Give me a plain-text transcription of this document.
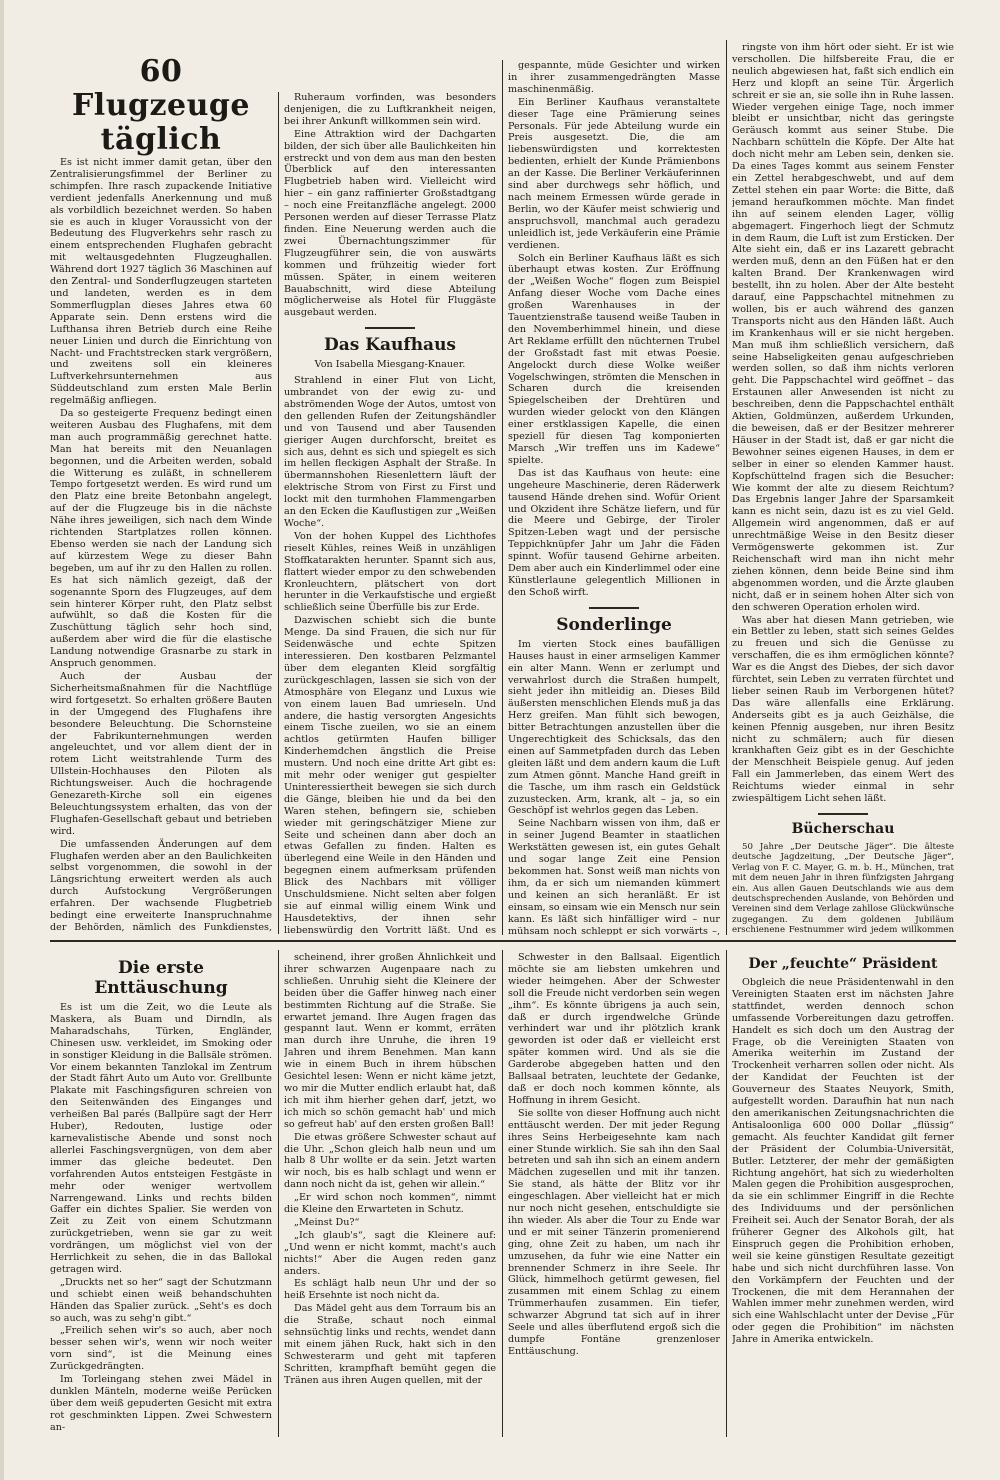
60 Flugzeuge täglich

Es ist nicht immer damit getan, über den Zentralisierungsfimmel der Berliner zu schimpfen. Ihre rasch zupackende Initiative verdient jedenfalls Anerkennung und muß als vorbildlich bezeichnet werden. So haben sie es auch in kluger Voraussicht von der Bedeutung des Flugverkehrs sehr rasch zu einem entsprechenden Flughafen gebracht mit weltausgedehnten Flugzeughallen. Während dort 1927 täglich 36 Maschinen auf den Zentral- und Sonderflugzeugen starteten und landeten, werden es in dem Sommerflugplan dieses Jahres etwa 60 Apparate sein. Denn erstens wird die Lufthansa ihren Betrieb durch eine Reihe neuer Linien und durch die Einrichtung von Nacht- und Frachtstrecken stark vergrößern, und zweitens soll ein kleineres Luftverkehrsunternehmen aus Süddeutschland zum ersten Male Berlin regelmäßig anfliegen.

Da so gesteigerte Frequenz bedingt einen weiteren Ausbau des Flughafens, mit dem man auch programmäßig gerechnet hatte. Man hat bereits mit den Neuanlagen begonnen, und die Arbeiten werden, sobald die Witterung es zuläßt, in schnellerem Tempo fortgesetzt werden. Es wird rund um den Platz eine breite Betonbahn angelegt, auf der die Flugzeuge bis in die nächste Nähe ihres jeweiligen, sich nach dem Winde richtenden Startplatzes rollen können. Ebenso werden sie nach der Landung sich auf kürzestem Wege zu dieser Bahn begeben, um auf ihr zu den Hallen zu rollen. Es hat sich nämlich gezeigt, daß der sogenannte Sporn des Flugzeuges, auf dem sein hinterer Körper ruht, den Platz selbst aufwühlt, so daß die Kosten für die Zuschüttung täglich sehr hoch sind, außerdem aber wird die für die elastische Landung notwendige Grasnarbe zu stark in Anspruch genommen.

Auch der Ausbau der Sicherheitsmaßnahmen für die Nachtflüge wird fortgesetzt. So erhalten größere Bauten in der Umgegend des Flughafens ihre besondere Beleuchtung. Die Schornsteine der Fabrikunternehmungen werden angeleuchtet, und vor allem dient der in rotem Licht weitstrahlende Turm des Ullstein-Hochhauses den Piloten als Richtungsweiser. Auch die hochragende Genezareth-Kirche soll ein eigenes Beleuchtungssystem erhalten, das von der Flughafen-Gesellschaft gebaut und betrieben wird.

Die umfassenden Änderungen auf dem Flughafen werden aber an den Baulichkeiten selbst vorgenommen, die sowohl in der Längsrichtung erweitert werden als auch durch Aufstockung Vergrößerungen erfahren. Der wachsende Flugbetrieb bedingt eine erweiterte Inanspruchnahme der Behörden, nämlich des Funkdienstes,

Ruheraum vorfinden, was besonders denjenigen, die zu Luftkrankheit neigen, bei ihrer Ankunft willkommen sein wird.

Eine Attraktion wird der Dachgarten bilden, der sich über alle Baulichkeiten hin erstreckt und von dem aus man den besten Überblick auf den interessanten Flugbetrieb haben wird. Vielleicht wird hier – ein ganz raffinierter Großstadtgang – noch eine Freitanzfläche angelegt. 2000 Personen werden auf dieser Terrasse Platz finden. Eine Neuerung werden auch die zwei Übernachtungszimmer für Flugzeugführer sein, die von auswärts kommen und frühzeitig wieder fort müssen. Später, in einem weiteren Bauabschnitt, wird diese Abteilung möglicherweise als Hotel für Fluggäste ausgebaut werden.

Das Kaufhaus
Von Isabella Miesgang-Knauer.

Strahlend in einer Flut von Licht, umbrandet von der ewig zu- und abströmenden Woge der Autos, umtost von den gellenden Rufen der Zeitungshändler und von Tausend und aber Tausenden gieriger Augen durchforscht, breitet es sich aus, dehnt es sich und spiegelt es sich im hellen fleckigen Asphalt der Straße. In übermannshohen Riesenlettern läuft der elektrische Strom von First zu First und lockt mit den turmhohen Flammengarben an den Ecken die Kauflustigen zur „Weißen Woche“.

Von der hohen Kuppel des Lichthofes rieselt Kühles, reines Weiß in unzähligen Stoffkatarakten herunter. Spannt sich aus, flattert wieder empor zu den schwebenden Kronleuchtern, plätschert von dort herunter in die Verkaufstische und ergießt schließlich seine Überfülle bis zur Erde.

Dazwischen schiebt sich die bunte Menge. Da sind Frauen, die sich nur für Seidenwäsche und echte Spitzen interessieren. Den kostbaren Pelzmantel über dem eleganten Kleid sorgfältig zurückgeschlagen, lassen sie sich von der Atmosphäre von Eleganz und Luxus wie von einem lauen Bad umrieseln. Und andere, die hastig versorgten Angesichts einem Tische zueilen, wo sie an einem achtlos getürmten Haufen billiger Kinderhemdchen ängstlich die Preise mustern. Und noch eine dritte Art gibt es: mit mehr oder weniger gut gespielter Uninteressiertheit bewegen sie sich durch die Gänge, bleiben hie und da bei den Waren stehen, befingern sie, schieben wieder mit geringschätziger Miene zur Seite und scheinen dann aber doch an etwas Gefallen zu finden. Halten es überlegend eine Weile in den Händen und begegnen einem aufmerksam prüfenden Blick des Nachbars mit völliger Unschuldsmiene. Nicht selten aber folgen sie auf einmal willig einem Wink und Hausdetektivs, der ihnen sehr liebenswürdig den Vortritt läßt. Und es

gespannte, müde Gesichter und wirken in ihrer zusammengedrängten Masse maschinenmäßig.

Ein Berliner Kaufhaus veranstaltete dieser Tage eine Prämierung seines Personals. Für jede Abteilung wurde ein Preis ausgesetzt. Die, die am liebenswürdigsten und korrektesten bedienten, erhielt der Kunde Prämienbons an der Kasse. Die Berliner Verkäuferinnen sind aber durchwegs sehr höflich, und nach meinem Ermessen würde gerade in Berlin, wo der Käufer meist schwierig und anspruchsvoll, manchmal auch geradezu unleidlich ist, jede Verkäuferin eine Prämie verdienen.

Solch ein Berliner Kaufhaus läßt es sich überhaupt etwas kosten. Zur Eröffnung der „Weißen Woche“ flogen zum Beispiel Anfang dieser Woche vom Dache eines großen Warenhauses in der Tauentzienstraße tausend weiße Tauben in den Novemberhimmel hinein, und diese Art Reklame erfüllt den nüchternen Trubel der Großstadt fast mit etwas Poesie. Angelockt durch diese Wolke weißer Vogelschwingen, strömten die Menschen in Scharen durch die kreisenden Spiegelscheiben der Drehtüren und wurden wieder gelockt von den Klängen einer erstklassigen Kapelle, die einen speziell für diesen Tag komponierten Marsch „Wir treffen uns im Kadewe“ spielte.

Das ist das Kaufhaus von heute: eine ungeheure Maschinerie, deren Räderwerk tausend Hände drehen sind. Wofür Orient und Okzident ihre Schätze liefern, und für die Meere und Gebirge, der Tiroler Spitzen-Leben wagt und der persische Teppichknüpfer Jahr um Jahr die Fäden spinnt. Wofür tausend Gehirne arbeiten. Dem aber auch ein Kinderlimmel oder eine Künstlerlaune gelegentlich Millionen in den Schoß wirft.

Sonderlinge

Im vierten Stock eines baufälligen Hauses haust in einer armseligen Kammer ein alter Mann. Wenn er zerlumpt und verwahrlost durch die Straßen humpelt, sieht jeder ihn mitleidig an. Dieses Bild äußersten menschlichen Elends muß ja das Herz greifen. Man fühlt sich bewogen, bitter Betrachtungen anzustellen über die Ungerechtigkeit des Schicksals, das den einen auf Sammetpfaden durch das Leben gleiten läßt und dem andern kaum die Luft zum Atmen gönnt. Manche Hand greift in die Tasche, um ihm rasch ein Geldstück zuzustecken. Arm, krank, alt – ja, so ein Geschöpf ist wehrlos gegen das Leben.

Seine Nachbarn wissen von ihm, daß er in seiner Jugend Beamter in staatlichen Werkstätten gewesen ist, ein gutes Gehalt und sogar lange Zeit eine Pension bekommen hat. Sonst weiß man nichts von ihm, da er sich um niemanden kümmert und keinen an sich heranläßt. Er ist einsam, so einsam wie ein Mensch nur sein kann. Es läßt sich hinfälliger wird – nur mühsam noch schleppt er sich vorwärts –,

ringste von ihm hört oder sieht. Er ist wie verschollen. Die hilfsbereite Frau, die er neulich abgewiesen hat, faßt sich endlich ein Herz und klopft an seine Tür. Ärgerlich schreit er sie an, sie solle ihn in Ruhe lassen. Wieder vergehen einige Tage, noch immer bleibt er unsichtbar, nicht das geringste Geräusch kommt aus seiner Stube. Die Nachbarn schütteln die Köpfe. Der Alte hat doch nicht mehr am Leben sein, denken sie. Da eines Tages kommt aus seinem Fenster ein Zettel herabgeschwebt, und auf dem Zettel stehen ein paar Worte: die Bitte, daß jemand heraufkommen möchte. Man findet ihn auf seinem elenden Lager, völlig abgemagert. Fingerhoch liegt der Schmutz in dem Raum, die Luft ist zum Ersticken. Der Alte sieht ein, daß er ins Lazarett gebracht werden muß, denn an den Füßen hat er den kalten Brand. Der Krankenwagen wird bestellt, ihn zu holen. Aber der Alte besteht darauf, eine Pappschachtel mitnehmen zu wollen, bis er auch während des ganzen Transports nicht aus den Händen läßt. Auch im Krankenhaus will er sie nicht hergeben. Man muß ihm schließlich versichern, daß seine Habseligkeiten genau aufgeschrieben werden sollen, so daß ihm nichts verloren geht. Die Pappschachtel wird geöffnet – das Erstaunen aller Anwesenden ist nicht zu beschreiben, denn die Pappschachtel enthält Aktien, Goldmünzen, außerdem Urkunden, die beweisen, daß er der Besitzer mehrerer Häuser in der Stadt ist, daß er gar nicht die Bewohner seines eigenen Hauses, in dem er selber in einer so elenden Kammer haust. Kopfschüttelnd fragen sich die Besucher: Wie kommt der alte zu diesem Reichtum? Das Ergebnis langer Jahre der Sparsamkeit kann es nicht sein, dazu ist es zu viel Geld. Allgemein wird angenommen, daß er auf unrechtmäßige Weise in den Besitz dieser Vermögenswerte gekommen ist. Zur Reichenschaft wird man ihn nicht mehr ziehen können, denn beide Beine sind ihm abgenommen worden, und die Ärzte glauben nicht, daß er in seinem hohen Alter sich von den schweren Operation erholen wird.

Was aber hat diesen Mann getrieben, wie ein Bettler zu leben, statt sich seines Geldes zu freuen und sich die Genüsse zu verschaffen, die es ihm ermöglichen könnte? War es die Angst des Diebes, der sich davor fürchtet, sein Leben zu verraten fürchtet und lieber seinen Raub im Verborgenen hütet? Das wäre allenfalls eine Erklärung. Anderseits gibt es ja auch Geizhälse, die keinen Pfennig ausgeben, nur ihren Besitz nicht zu schmälern; auch für diesen krankhaften Geiz gibt es in der Geschichte der Menschheit Beispiele genug. Auf jeden Fall ein Jammerleben, das einem Wert des Reichtums wieder einmal in sehr zwiespältigem Licht sehen läßt.

Bücherschau

50 Jahre „Der Deutsche Jäger“. Die älteste deutsche Jagdzeitung, „Der Deutsche Jäger“, Verlag von F. C. Mayer, G. m. b. H., München, trat mit dem neuen Jahr in ihren fünfzigsten Jahrgang ein. Aus allen Gauen Deutschlands wie aus dem deutschsprechenden Auslande, von Behörden und Vereinen sind dem Verlage zahllose Glückwünsche zugegangen. Zu dem goldenen Jubiläum erschienene Festnummer wird jedem willkommen

Die erste Enttäuschung

Es ist um die Zeit, wo die Leute als Maskera, als Buam und Dirndln, als Maharadschahs, Türken, Engländer, Chinesen usw. verkleidet, im Smoking oder in sonstiger Kleidung in die Ballsäle strömen. Vor einem bekannten Tanzlokal im Zentrum der Stadt fährt Auto um Auto vor. Grellbunte Plakate mit Faschingsfiguren schreien von den Seitenwänden des Einganges und verheißen Bal parés (Ballpüre sagt der Herr Huber), Redouten, lustige oder karnevalistische Abende und sonst noch allerlei Faschingsvergnügen, von dem aber immer das gleiche bedeutet. Den vorfahrenden Autos entsteigen Festgäste in mehr oder weniger wertvollem Narrengewand. Links und rechts bilden Gaffer ein dichtes Spalier. Sie werden von Zeit zu Zeit von einem Schutzmann zurückgetrieben, wenn sie gar zu weit vordrängen, um möglichst viel von der Herrlichkeit zu sehen, die in das Ballokal getragen wird.

„Druckts net so her“ sagt der Schutzmann und schiebt einen weiß behandschuhten Händen das Spalier zurück. „Seht's es doch so auch, was zu sehg'n gibt.“

„Freilich sehen wir's so auch, aber noch besser sehen wir's, wenn wir noch weiter vorn sind“, ist die Meinung eines Zurückgedrängten.

Im Torleingang stehen zwei Mädel in dunklen Mänteln, moderne weiße Perücken über dem weiß gepuderten Gesicht mit extra rot geschminkten Lippen. Zwei Schwestern an-

scheinend, ihrer großen Ähnlichkeit und ihrer schwarzen Augenpaare nach zu schließen. Unruhig sieht die Kleinere der beiden über die Gaffer hinweg nach einer bestimmten Richtung auf die Straße. Sie erwartet jemand. Ihre Augen fragen das gespannt laut. Wenn er kommt, erräten man durch ihre Unruhe, die ihren 19 Jahren und ihrem Benehmen. Man kann wie in einem Buch in ihrem hübschen Gesichtel lesen: Wenn er nicht käme jetzt, wo mir die Mutter endlich erlaubt hat, daß ich mit ihm hierher gehen darf, jetzt, wo ich mich so schön gemacht hab' und mich so gefreut hab' auf den ersten großen Ball!

Die etwas größere Schwester schaut auf die Uhr. „Schon gleich halb neun und um halb 8 Uhr wollte er da sein. Jetzt warten wir noch, bis es halb schlagt und wenn er dann noch nicht da ist, gehen wir allein.“

„Er wird schon noch kommen“, nimmt die Kleine den Erwarteten in Schutz.

„Meinst Du?“

„Ich glaub's“, sagt die Kleinere auf: „Und wenn er nicht kommt, macht's auch nichts!“ Aber die Augen reden ganz anders.

Es schlägt halb neun Uhr und der so heiß Ersehnte ist noch nicht da.

Das Mädel geht aus dem Torraum bis an die Straße, schaut noch einmal sehnsüchtig links und rechts, wendet dann mit einem jähen Ruck, hakt sich in den Schwesterarm und geht mit tapferen Schritten, krampfhaft bemüht gegen die Tränen aus ihren Augen quellen, mit der

Schwester in den Ballsaal. Eigentlich möchte sie am liebsten umkehren und wieder heimgehen. Aber der Schwester soll die Freude nicht verdorben sein wegen „ihm“. Es könnte übrigens ja auch sein, daß er durch irgendwelche Gründe verhindert war und ihr plötzlich krank geworden ist oder daß er vielleicht erst später kommen wird. Und als sie die Garderobe abgegeben hatten und den Ballsaal betraten, leuchtete der Gedanke, daß er doch noch kommen könnte, als Hoffnung in ihrem Gesicht.

Sie sollte von dieser Hoffnung auch nicht enttäuscht werden. Der mit jeder Regung ihres Seins Herbeigesehnte kam nach einer Stunde wirklich. Sie sah ihn den Saal betreten und sah ihn sich an einem andern Mädchen zugesellen und mit ihr tanzen. Sie stand, als hätte der Blitz vor ihr eingeschlagen. Aber vielleicht hat er mich nur noch nicht gesehen, entschuldigte sie ihn wieder. Als aber die Tour zu Ende war und er mit seiner Tänzerin promenierend ging, ohne Zeit zu haben, um nach ihr umzusehen, da fuhr wie eine Natter ein brennender Schmerz in ihre Seele. Ihr Glück, himmelhoch getürmt gewesen, fiel zusammen mit einem Schlag zu einem Trümmerhaufen zusammen. Ein tiefer, schwarzer Abgrund tat sich auf in ihrer Seele und alles überflutend ergoß sich die dumpfe Fontäne grenzenloser Enttäuschung.

Der „feuchte“ Präsident

Obgleich die neue Präsidentenwahl in den Vereinigten Staaten erst im nächsten Jahre stattfindet, werden dennoch schon umfassende Vorbereitungen dazu getroffen. Handelt es sich doch um den Austrag der Frage, ob die Vereinigten Staaten von Amerika weiterhin im Zustand der Trockenheit verharren sollen oder nicht. Als der Kandidat der Feuchten ist der Gouverneur des Staates Neuyork, Smith, aufgestellt worden. Daraufhin hat nun nach den amerikanischen Zeitungsnachrichten die Antisaloonliga 600 000 Dollar „flüssig“ gemacht. Als feuchter Kandidat gilt ferner der Präsident der Columbia-Universität, Butler. Letzterer, der mehr der gemäßigten Richtung angehört, hat sich zu wiederholten Malen gegen die Prohibition ausgesprochen, da sie ein schlimmer Eingriff in die Rechte des Individuums und der persönlichen Freiheit sei. Auch der Senator Borah, der als früherer Gegner des Alkohols gilt, hat Einspruch gegen die Prohibition erhoben, weil sie keine günstigen Resultate gezeitigt habe und sich nicht durchführen lasse. Von den Vorkämpfern der Feuchten und der Trockenen, die mit dem Herannahen der Wahlen immer mehr zunehmen werden, wird sich eine Wahlschlacht unter der Devise „Für oder gegen die Prohibition“ im nächsten Jahre in Amerika entwickeln.
